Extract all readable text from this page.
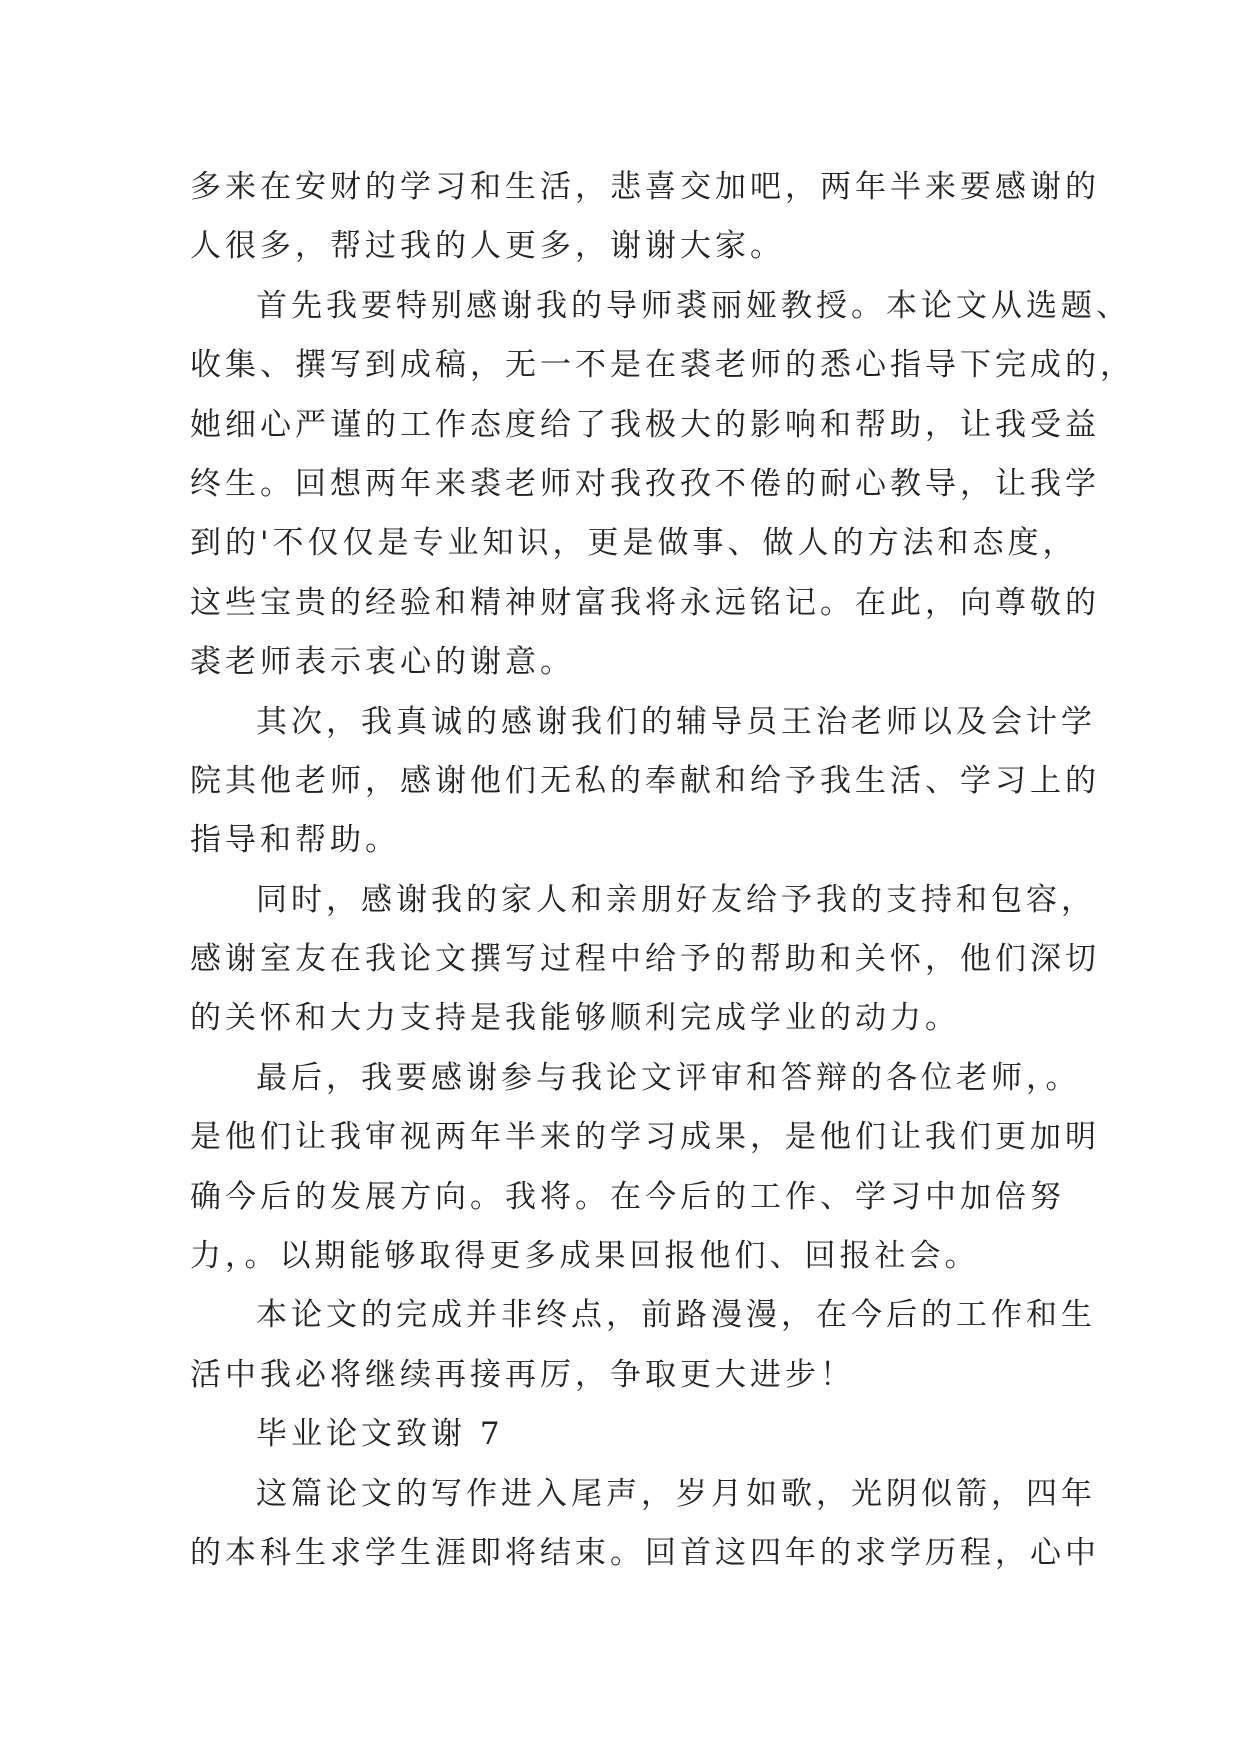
多来在安财的学习和生活，悲喜交加吧，两年半来要感谢的
人很多，帮过我的人更多，谢谢大家。
首先我要特别感谢我的导师裘丽娅教授。本论文从选题、
收集、撰写到成稿，无一不是在裘老师的悉心指导下完成的，
她细心严谨的工作态度给了我极大的影响和帮助，让我受益
终生。回想两年来裘老师对我孜孜不倦的耐心教导，让我学
到的'不仅仅是专业知识，更是做事、做人的方法和态度，
这些宝贵的经验和精神财富我将永远铭记。在此，向尊敬的
裘老师表示衷心的谢意。
其次，我真诚的感谢我们的辅导员王治老师以及会计学
院其他老师，感谢他们无私的奉献和给予我生活、学习上的
指导和帮助。
同时，感谢我的家人和亲朋好友给予我的支持和包容，
感谢室友在我论文撰写过程中给予的帮助和关怀，他们深切
的关怀和大力支持是我能够顺利完成学业的动力。
最后，我要感谢参与我论文评审和答辩的各位老师，。
是他们让我审视两年半来的学习成果，是他们让我们更加明
确今后的发展方向。我将。在今后的工作、学习中加倍努
力，。以期能够取得更多成果回报他们、回报社会。
本论文的完成并非终点，前路漫漫，在今后的工作和生
活中我必将继续再接再厉，争取更大进步！
毕业论文致谢 7
这篇论文的写作进入尾声，岁月如歌，光阴似箭，四年
的本科生求学生涯即将结束。回首这四年的求学历程，心中
